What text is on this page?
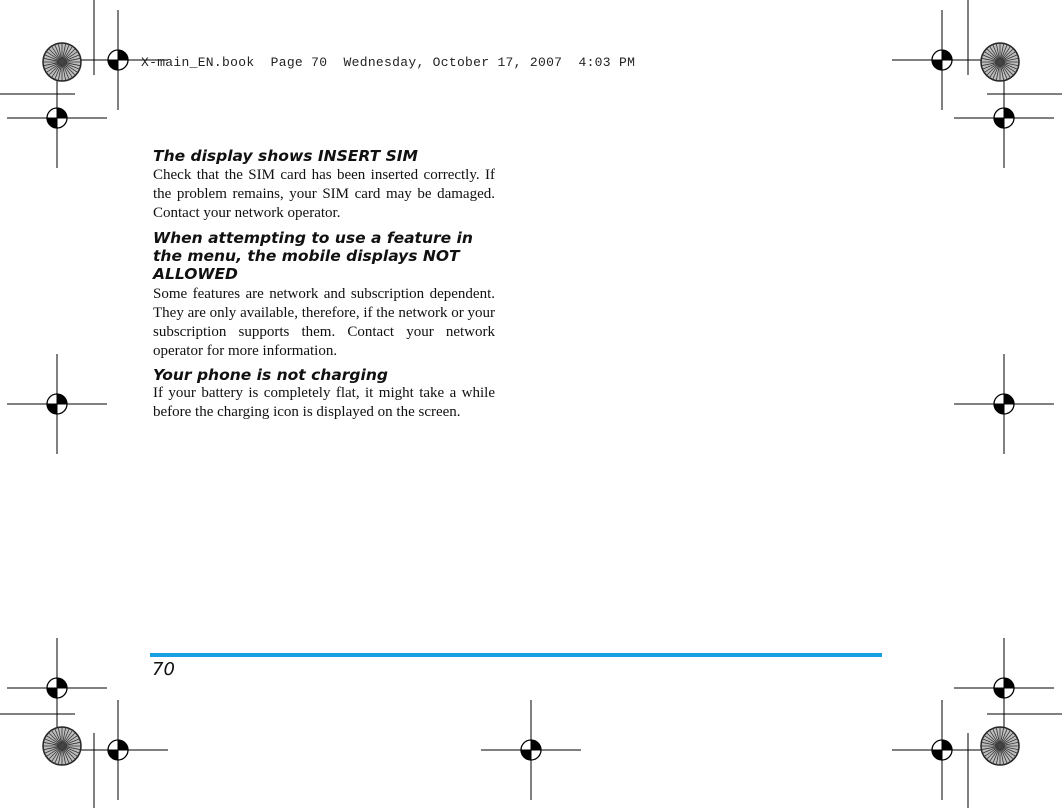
X-main_EN.book  Page 70  Wednesday, October 17, 2007  4:03 PM
The display shows INSERT SIM
Check that the SIM card has been inserted correctly. If the problem remains, your SIM card may be damaged. Contact your network operator.
When attempting to use a feature in the menu, the mobile displays NOT ALLOWED
Some features are network and subscription dependent. They are only available, therefore, if the network or your subscription supports them. Contact your network operator for more information.
Your phone is not charging
If your battery is completely flat, it might take a while before the charging icon is displayed on the screen.
70
